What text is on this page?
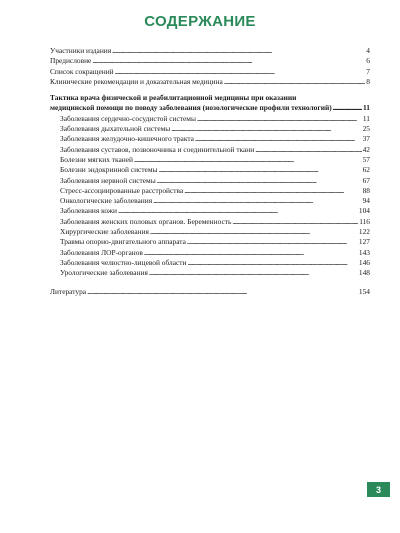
СОДЕРЖАНИЕ
Участники издания . . .	4
Предисловие . . .	6
Список сокращений . . .	7
Клинические рекомендации и доказательная медицина . . .	8
Тактика врача физической и реабилитационной медицины при оказании
медицинской помощи по поводу заболевания (нозологические профили технологий) . . .	11
Заболевания сердечно-сосудистой системы . . .	11
Заболевания дыхательной системы . . .	25
Заболевания желудочно-кишечного тракта . . .	37
Заболевания суставов, позвоночника и соединительной ткани . . .	42
Болезни мягких тканей . . .	57
Болезни эндокринной системы . . .	62
Заболевания нервной системы . . .	67
Стресс-ассоциированные расстройства . . .	88
Онкологические заболевания . . .	94
Заболевания кожи . . .	104
Заболевания женских половых органов. Беременность . . .	116
Хирургические заболевания . . .	122
Травмы опорно-двигательного аппарата . . .	127
Заболевания ЛОР-органов . . .	143
Заболевания челюстно-лицевой области . . .	146
Урологические заболевания . . .	148
Литература . . .	154
3
